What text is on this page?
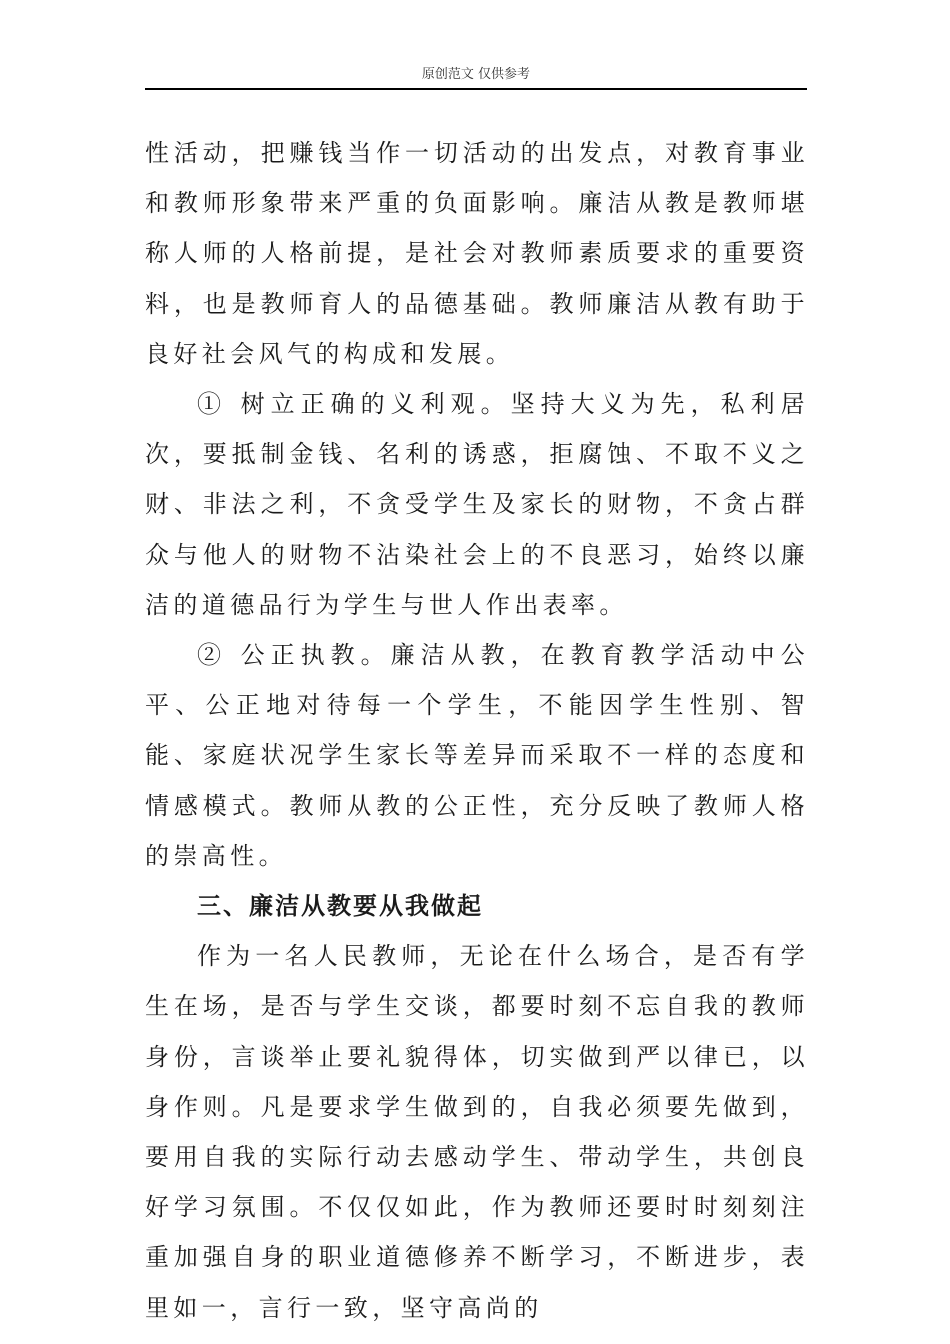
原创范文 仅供参考

性活动，把赚钱当作一切活动的出发点，对教育事业和教师形象带来严重的负面影响。廉洁从教是教师堪称人师的人格前提，是社会对教师素质要求的重要资料，也是教师育人的品德基础。教师廉洁从教有助于良好社会风气的构成和发展。

① 树立正确的义利观。坚持大义为先，私利居次，要抵制金钱、名利的诱惑，拒腐蚀、不取不义之财、非法之利，不贪受学生及家长的财物，不贪占群众与他人的财物不沾染社会上的不良恶习，始终以廉洁的道德品行为学生与世人作出表率。

② 公正执教。廉洁从教，在教育教学活动中公平、公正地对待每一个学生，不能因学生性别、智能、家庭状况学生家长等差异而采取不一样的态度和情感模式。教师从教的公正性，充分反映了教师人格的崇高性。

三、廉洁从教要从我做起

作为一名人民教师，无论在什么场合，是否有学生在场，是否与学生交谈，都要时刻不忘自我的教师身份，言谈举止要礼貌得体，切实做到严以律已，以身作则。凡是要求学生做到的，自我必须要先做到，要用自我的实际行动去感动学生、带动学生，共创良好学习氛围。不仅仅如此，作为教师还要时时刻刻注重加强自身的职业道德修养不断学习，不断进步，表里如一，言行一致，坚守高尚的
